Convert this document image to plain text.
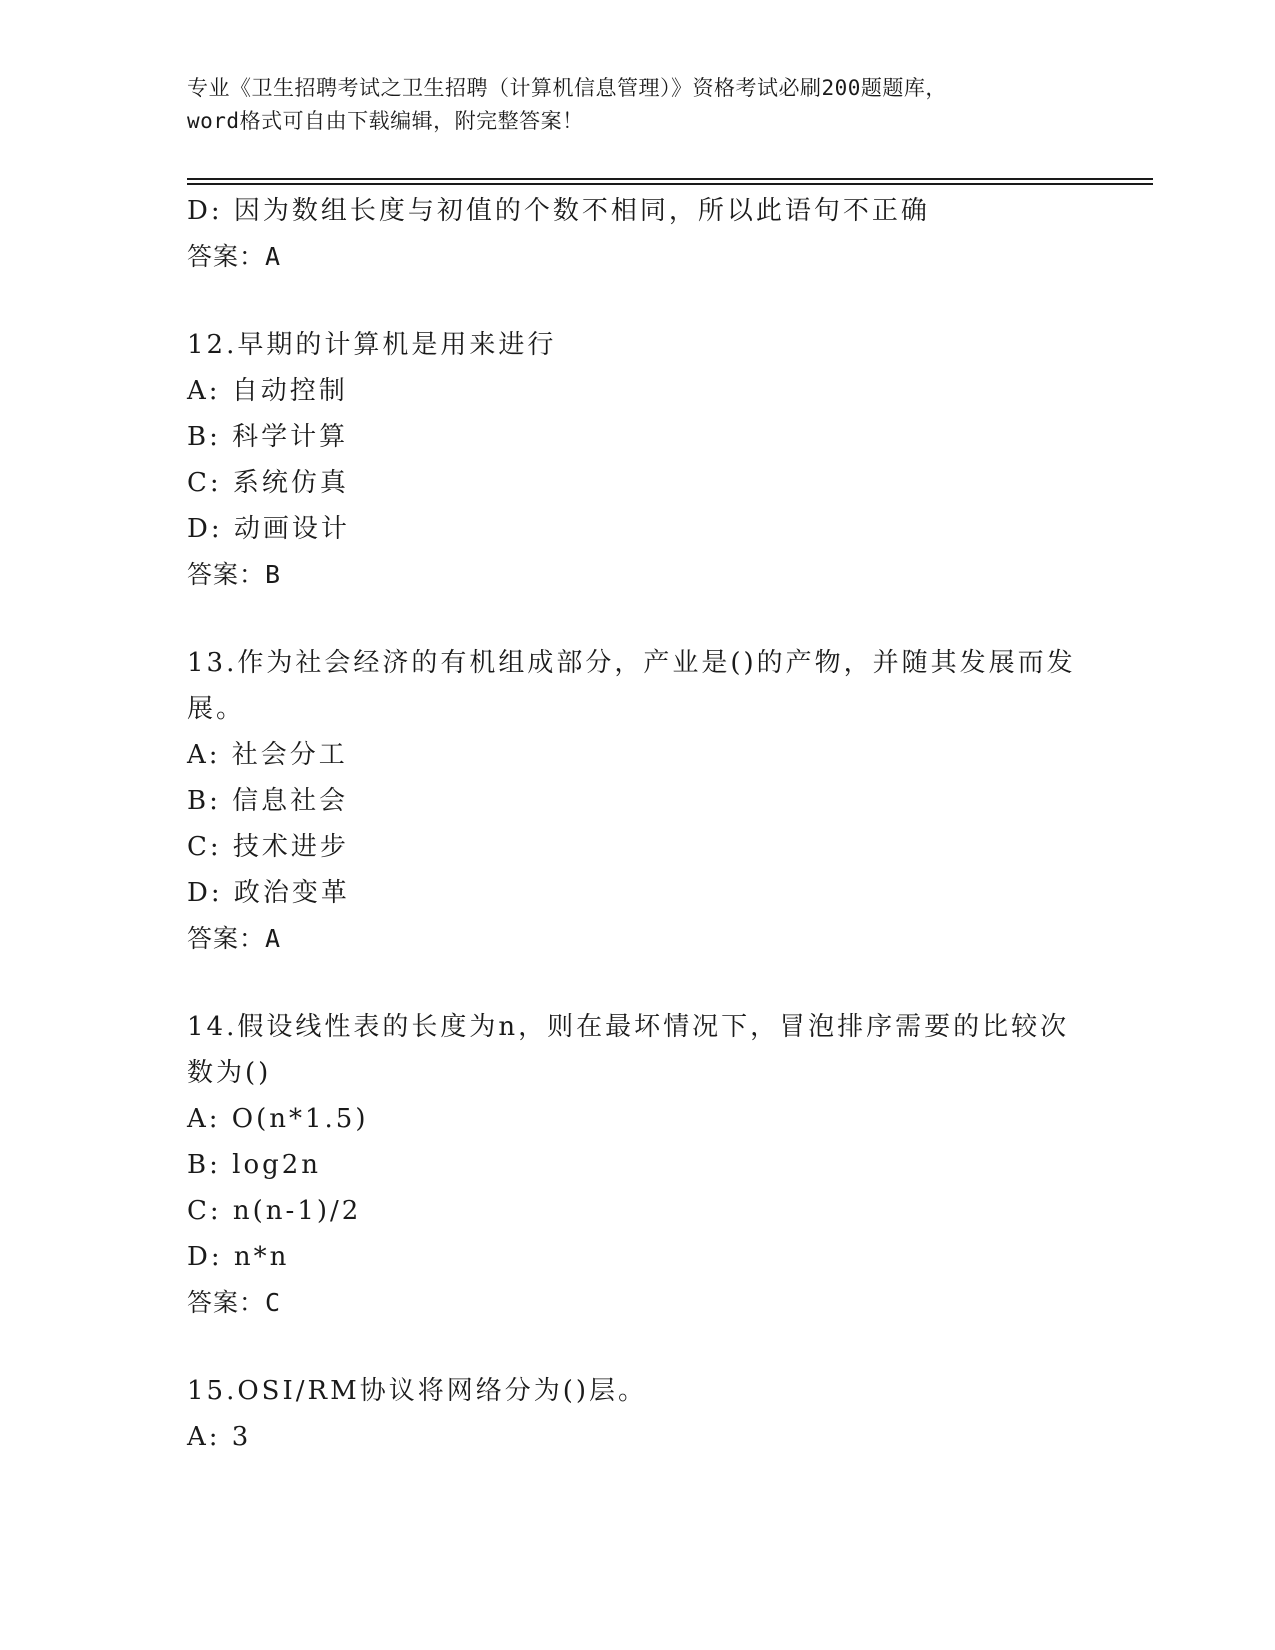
专业《卫生招聘考试之卫生招聘（计算机信息管理）》资格考试必刷200题题库，
word格式可自由下载编辑，附完整答案！
D: 因为数组长度与初值的个数不相同，所以此语句不正确
答案：A
12.早期的计算机是用来进行
A: 自动控制
B: 科学计算
C: 系统仿真
D: 动画设计
答案：B
13.作为社会经济的有机组成部分，产业是()的产物，并随其发展而发
展。
A: 社会分工
B: 信息社会
C: 技术进步
D: 政治变革
答案：A
14.假设线性表的长度为n，则在最坏情况下，冒泡排序需要的比较次
数为()
A: O(n*1.5)
B: log2n
C: n(n-1)/2
D: n*n
答案：C
15.OSI/RM协议将网络分为()层。
A: 3
